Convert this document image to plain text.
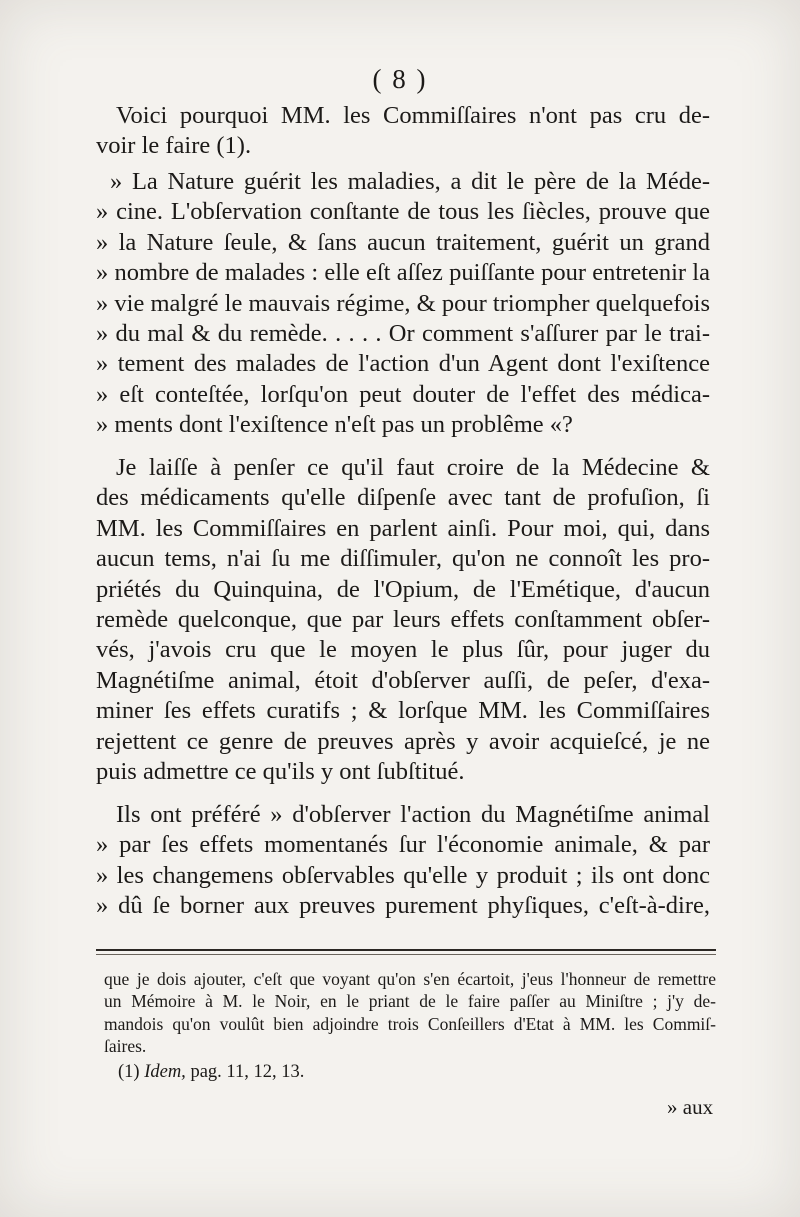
( 8 )
Voici pourquoi MM. les Commiſſaires n'ont pas cru de-
voir le faire (1).
» La Nature guérit les maladies, a dit le père de la Méde-
» cine. L'obſervation conſtante de tous les ſiècles, prouve que
» la Nature ſeule, & ſans aucun traitement, guérit un grand
» nombre de malades : elle eſt aſſez puiſſante pour entretenir la
» vie malgré le mauvais régime, & pour triompher quelquefois
» du mal & du remède. . . . . Or comment s'aſſurer par le trai-
» tement des malades de l'action d'un Agent dont l'exiſtence
» eſt conteſtée, lorſqu'on peut douter de l'effet des médica-
» ments dont l'exiſtence n'eſt pas un problême «?
Je laiſſe à penſer ce qu'il faut croire de la Médecine &
des médicaments qu'elle diſpenſe avec tant de profuſion, ſi
MM. les Commiſſaires en parlent ainſi. Pour moi, qui, dans
aucun tems, n'ai ſu me diſſimuler, qu'on ne connoît les pro-
priétés du Quinquina, de l'Opium, de l'Emétique, d'aucun
remède quelconque, que par leurs effets conſtamment obſer-
vés, j'avois cru que le moyen le plus ſûr, pour juger du
Magnétiſme animal, étoit d'obſerver auſſi, de peſer, d'exa-
miner ſes effets curatifs ; & lorſque MM. les Commiſſaires
rejettent ce genre de preuves après y avoir acquieſcé, je ne
puis admettre ce qu'ils y ont ſubſtitué.
Ils ont préféré » d'obſerver l'action du Magnétiſme animal
» par ſes effets momentanés ſur l'économie animale, & par
» les changemens obſervables qu'elle y produit ; ils ont donc
» dû ſe borner aux preuves purement phyſiques, c'eſt-à-dire,
que je dois ajouter, c'eſt que voyant qu'on s'en écartoit, j'eus l'honneur de remettre
un Mémoire à M. le Noir, en le priant de le faire paſſer au Miniſtre ; j'y de-
mandois qu'on voulût bien adjoindre trois Conſeillers d'Etat à MM. les Commiſ-
ſaires.
(1) Idem, pag. 11, 12, 13.
» aux
